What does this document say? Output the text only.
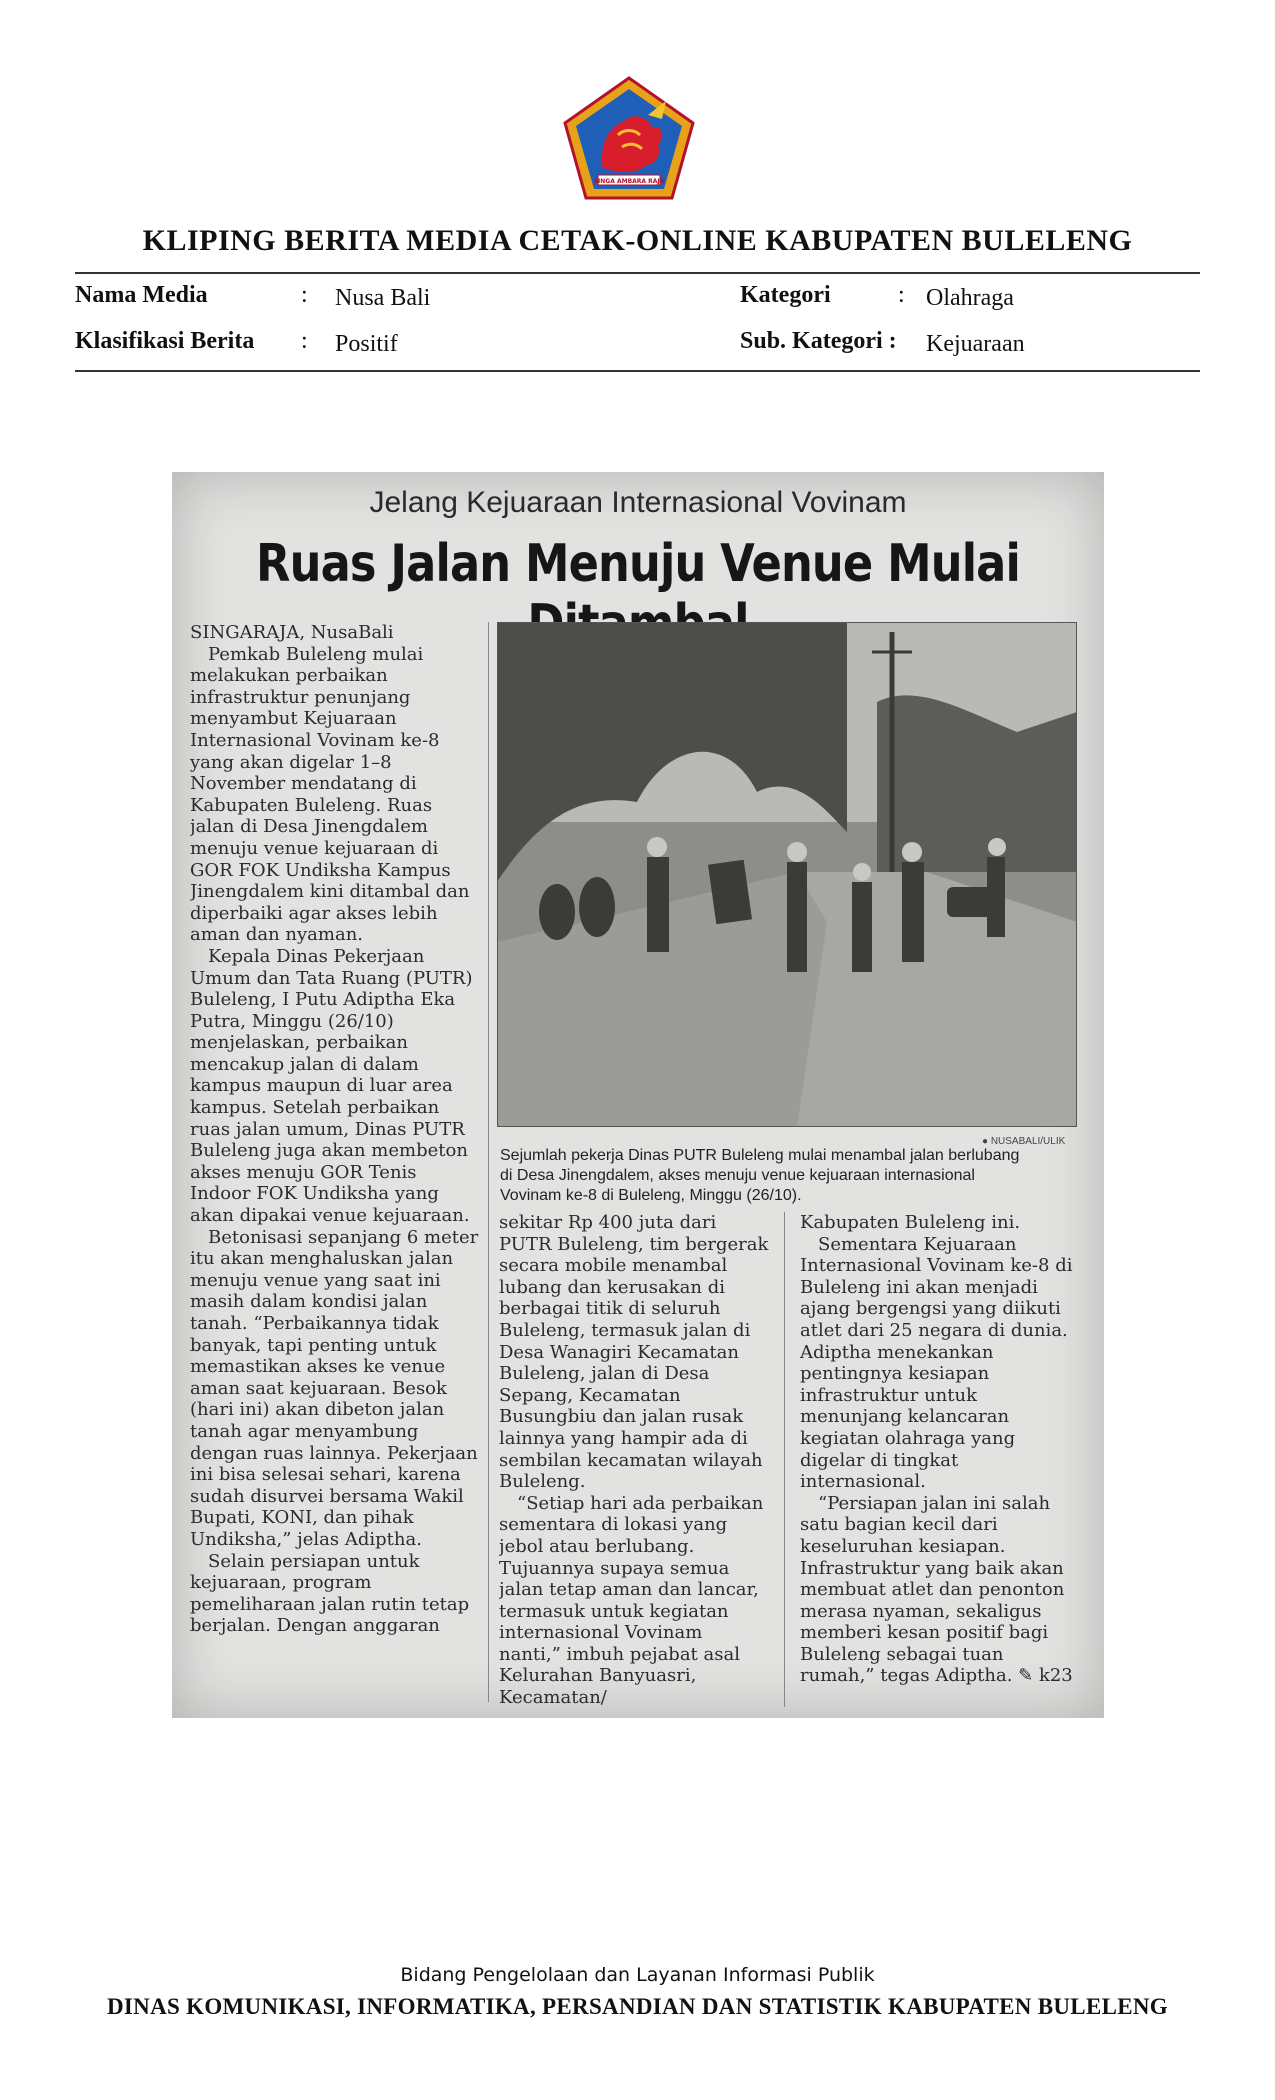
SINGA AMBARA RAJA
KLIPING BERITA MEDIA CETAK-ONLINE KABUPATEN BULELENG
Nama Media	: Nusa Bali
Klasifikasi Berita : Positif
Kategori	: Olahraga
Sub. Kategori : Kejuaraan
Jelang Kejuaraan Internasional Vovinam
Ruas Jalan Menuju Venue Mulai

SINGARAJA, NusaBali

Pemkab Buleleng mulai melakukan perbaikan infrastruktur penunjang menyambut Kejuaraan Internasional Vovinam ke-8 yang akan digelar 1–8 November mendatang di Kabupaten Buleleng. Ruas jalan di Desa Jinengdalem menuju venue kejuaraan di GOR FOK Undiksha Kampus Jinengdalem kini ditambal dan diperbaiki agar akses lebih aman dan nyaman.

Kepala Dinas Pekerjaan Umum dan Tata Ruang (PUTR) Buleleng, I Putu Adiptha Eka Putra, Minggu (26/10) menjelaskan, perbaikan mencakup jalan di dalam kampus maupun di luar area kampus. Setelah perbaikan ruas jalan umum, Dinas PUTR Buleleng juga akan membeton akses menuju GOR Tenis Indoor FOK Undiksha yang akan dipakai venue kejuaraan.

Betonisasi sepanjang 6 meter itu akan menghaluskan jalan menuju venue yang saat ini masih dalam kondisi jalan tanah. “Perbaikannya tidak banyak, tapi penting untuk memastikan akses ke venue aman saat kejuaraan. Besok (hari ini) akan dibeton jalan tanah agar menyambung dengan ruas lainnya. Pekerjaan ini bisa selesai sehari, karena sudah disurvei bersama Wakil Bupati, KONI, dan pihak Undiksha,” jelas Adiptha.

Selain persiapan untuk kejuaraan, program pemeliharaan jalan rutin tetap berjalan. Dengan anggaran

● NUSABALI/ULIK
Sejumlah pekerja Dinas PUTR Buleleng mulai menambal jalan berlubang
di Desa Jinengdalem, akses menuju venue kejuaraan internasional
Vovinam ke-8 di Buleleng, Minggu (26/10).

sekitar Rp 400 juta dari PUTR Buleleng, tim bergerak secara mobile menambal lubang dan kerusakan di berbagai titik di seluruh Buleleng, termasuk jalan di Desa Wanagiri Kecamatan Buleleng, jalan di Desa Sepang, Kecamatan Busungbiu dan jalan rusak lainnya yang hampir ada di sembilan kecamatan wilayah Buleleng.

“Setiap hari ada perbaikan sementara di lokasi yang jebol atau berlubang. Tujuannya supaya semua jalan tetap aman dan lancar, termasuk untuk kegiatan internasional Vovinam nanti,” imbuh pejabat asal Kelurahan Banyuasri, Kecamatan/

Kabupaten Buleleng ini.

Sementara Kejuaraan Internasional Vovinam ke-8 di Buleleng ini akan menjadi ajang bergengsi yang diikuti atlet dari 25 negara di dunia. Adiptha menekankan pentingnya kesiapan infrastruktur untuk menunjang kelancaran kegiatan olahraga yang digelar di tingkat internasional.

“Persiapan jalan ini salah satu bagian kecil dari keseluruhan kesiapan. Infrastruktur yang baik akan membuat atlet dan penonton merasa nyaman, sekaligus memberi kesan positif bagi Buleleng sebagai tuan rumah,” tegas Adiptha. ✎ k23

Bidang Pengelolaan dan Layanan Informasi Publik
DINAS KOMUNIKASI, INFORMATIKA, PERSANDIAN DAN STATISTIK KABUPATEN BULELENG
